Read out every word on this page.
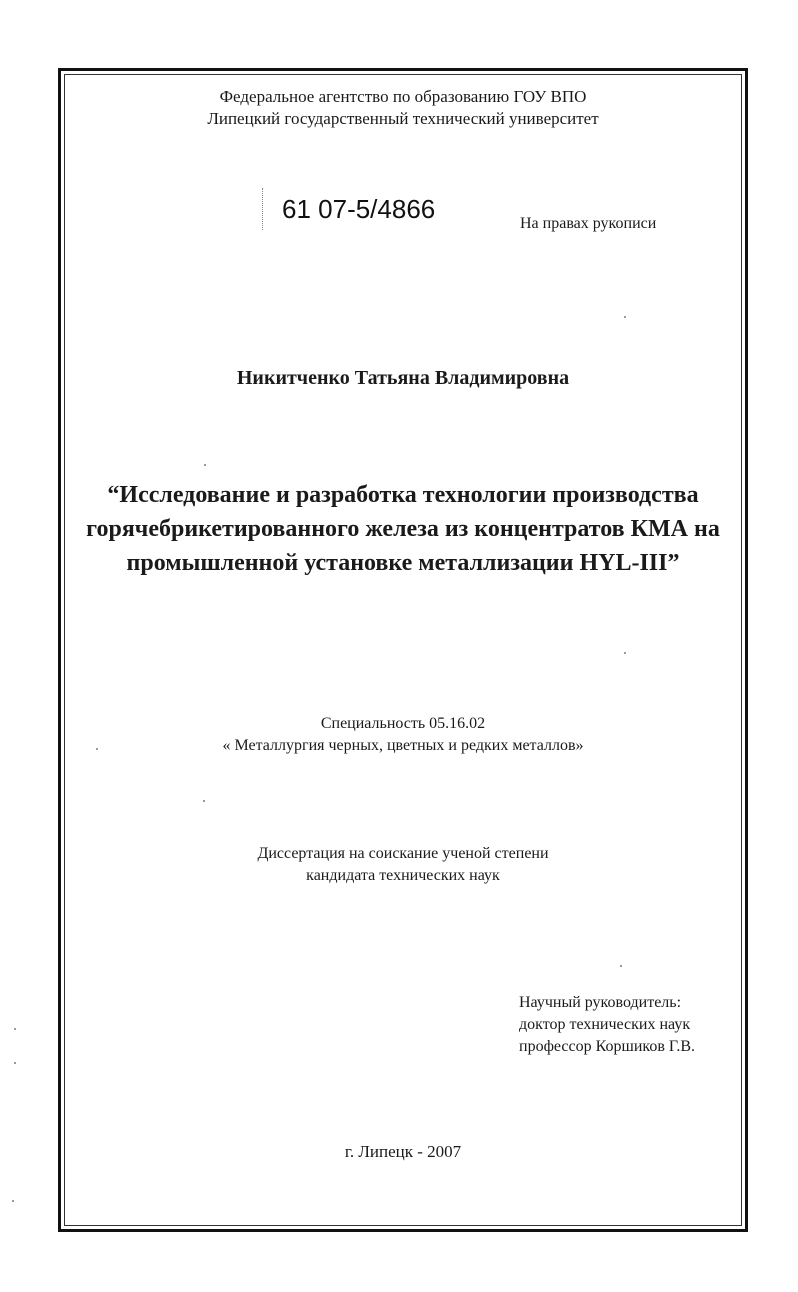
Федеральное агентство по образованию ГОУ ВПО
Липецкий государственный технический университет
61 07-5/4866	На правах рукописи
Никитченко Татьяна Владимировна
“Исследование и разработка технологии производства
горячебрикетированного железа из концентратов КМА на
промышленной установке металлизации HYL-III”
Специальность 05.16.02
« Металлургия черных, цветных и редких металлов»
Диссертация на соискание ученой степени
кандидата технических наук
Научный руководитель:
доктор технических наук
профессор Коршиков Г.В.
г. Липецк - 2007
